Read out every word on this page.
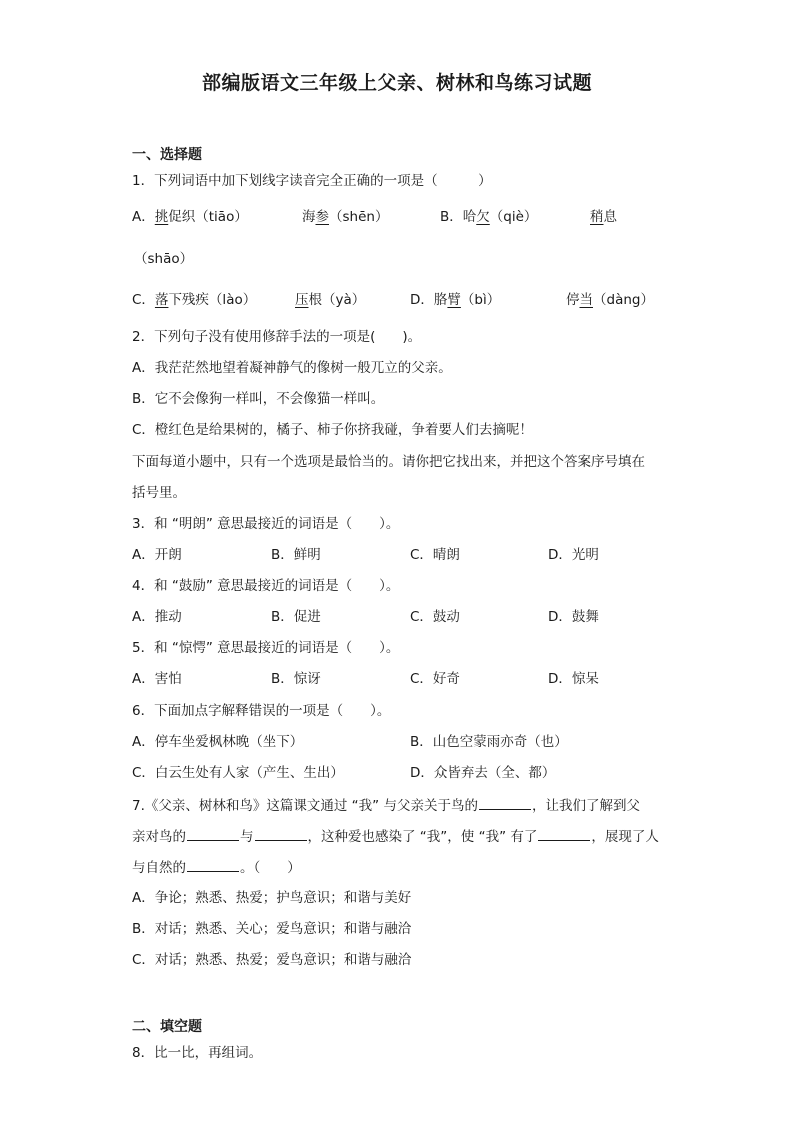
部编版语文三年级上父亲、树林和鸟练习试题
一、选择题
1．下列词语中加下划线字读音完全正确的一项是（　　　）
A．挑促织（tiāo）	海参（shēn）	B．哈欠（qiè）	稍息
（shāo）
C．落下残疾（lào）	压根（yà）	D．胳臂（bì）	停当（dàng）
2．下列句子没有使用修辞手法的一项是(　　)。
A．我茫茫然地望着凝神静气的像树一般兀立的父亲。
B．它不会像狗一样叫，不会像猫一样叫。
C．橙红色是给果树的，橘子、柿子你挤我碰，争着要人们去摘呢！
下面每道小题中，只有一个选项是最恰当的。请你把它找出来，并把这个答案序号填在
括号里。
3．和 “明朗” 意思最接近的词语是（　　）。
A．开朗	B．鲜明	C．晴朗	D．光明
4．和 “鼓励” 意思最接近的词语是（　　）。
A．推动	B．促进	C．鼓动	D．鼓舞
5．和 “惊愕” 意思最接近的词语是（　　）。
A．害怕	B．惊讶	C．好奇	D．惊呆
6．下面加点字解释错误的一项是（　　）。
A．停车坐爱枫林晚（坐下）	B．山色空蒙雨亦奇（也）
C．白云生处有人家（产生、生出）	D．众皆弃去（全、都）
7.《父亲、树林和鸟》这篇课文通过 “我” 与父亲关于鸟的	，让我们了解到父
亲对鸟的	与	，这种爱也感染了 “我”，使 “我” 有了	，展现了人
与自然的	。（　　）
A．争论；熟悉、热爱；护鸟意识；和谐与美好
B．对话；熟悉、关心；爱鸟意识；和谐与融洽
C．对话；熟悉、热爱；爱鸟意识；和谐与融洽
二、填空题
8．比一比，再组词。
